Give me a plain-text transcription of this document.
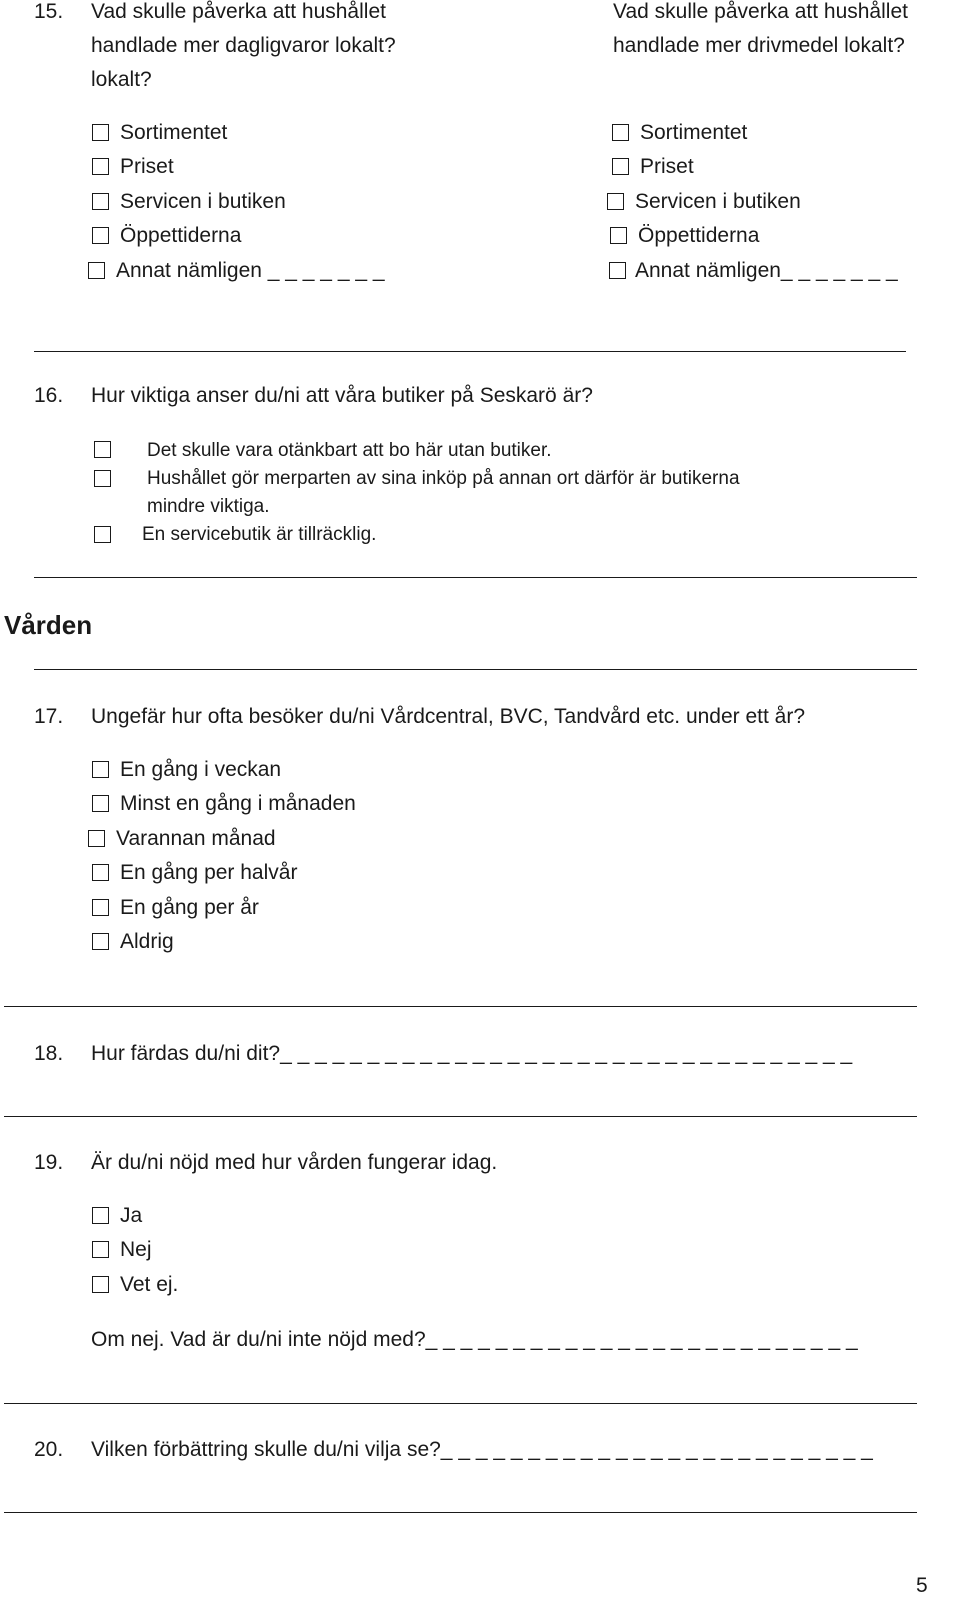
15. Vad skulle påverka att hushållet
handlade mer dagligvaror lokalt?
lokalt?
Vad skulle påverka att hushållet
handlade mer drivmedel lokalt?
Sortimentet
Priset
Servicen i butiken
Öppettiderna
Annat nämligen _ _ _ _ _ _ _
Sortimentet
Priset
Servicen i butiken
Öppettiderna
Annat nämligen_ _ _ _ _ _ _
16. Hur viktiga anser du/ni att våra butiker på Seskarö är?
Det skulle vara otänkbart att bo här utan butiker.
Hushållet gör merparten av sina inköp på annan ort därför är butikerna
mindre viktiga.
En servicebutik är tillräcklig.
Vården
17. Ungefär hur ofta besöker du/ni Vårdcentral, BVC, Tandvård etc. under ett år?
En gång i veckan
Minst en gång i månaden
Varannan månad
En gång per halvår
En gång per år
Aldrig
18. Hur färdas du/ni dit?_ _ _ _ _ _ _ _ _ _ _ _ _ _ _ _ _ _ _ _ _ _ _ _ _ _ _ _ _ _ _ _ _
19. Är du/ni nöjd med hur vården fungerar idag.
Ja
Nej
Vet ej.
Om nej. Vad är du/ni inte nöjd med?_ _ _ _ _ _ _ _ _ _ _ _ _ _ _ _ _ _ _ _ _ _ _ _ _
20. Vilken förbättring skulle du/ni vilja se?_ _ _ _ _ _ _ _ _ _ _ _ _ _ _ _ _ _ _ _ _ _ _ _ _
5
